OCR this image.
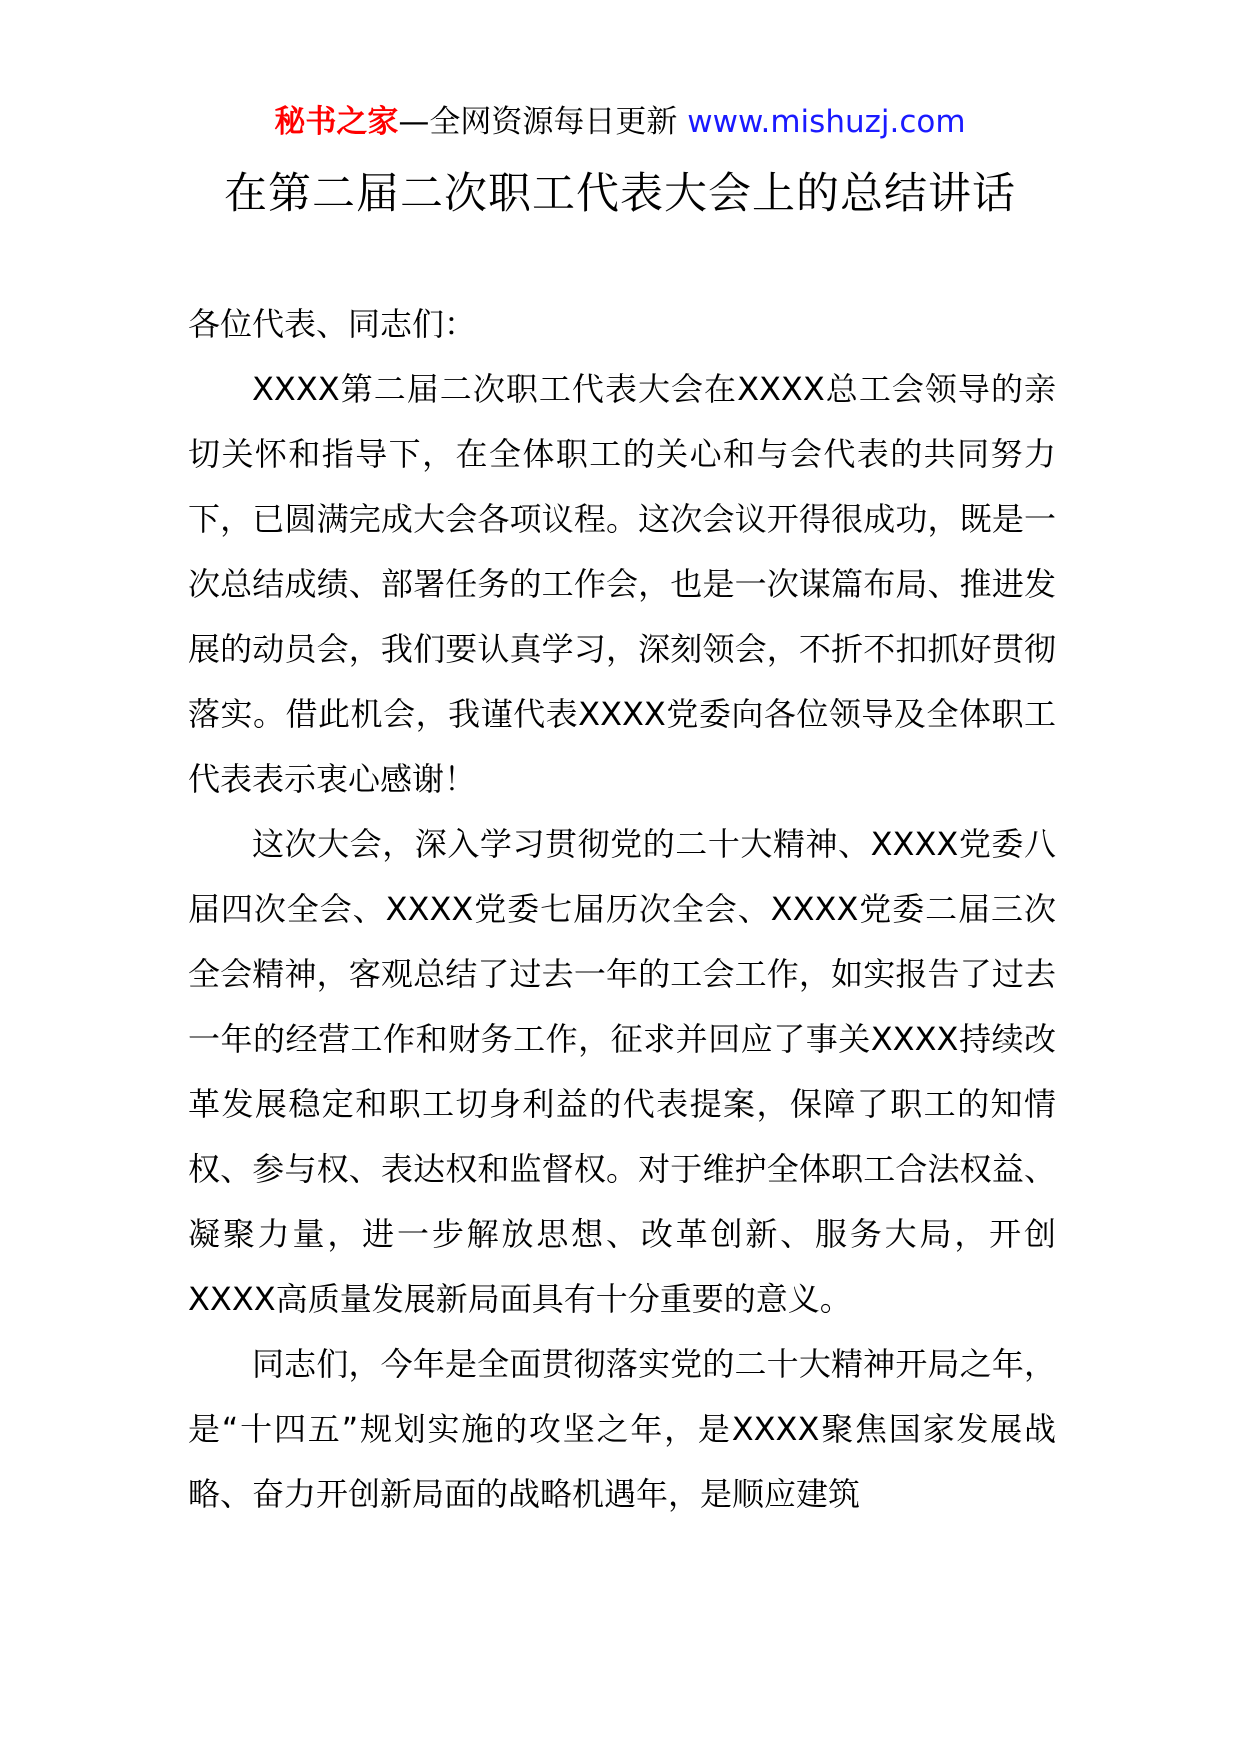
秘书之家—全网资源每日更新 www.mishuzj.com
在第二届二次职工代表大会上的总结讲话

各位代表、同志们：

XXXX第二届二次职工代表大会在XXXX总工会领导的亲切关怀和指导下，在全体职工的关心和与会代表的共同努力下，已圆满完成大会各项议程。这次会议开得很成功，既是一次总结成绩、部署任务的工作会，也是一次谋篇布局、推进发展的动员会，我们要认真学习，深刻领会，不折不扣抓好贯彻落实。借此机会，我谨代表XXXX党委向各位领导及全体职工代表表示衷心感谢！

这次大会，深入学习贯彻党的二十大精神、XXXX党委八届四次全会、XXXX党委七届历次全会、XXXX党委二届三次全会精神，客观总结了过去一年的工会工作，如实报告了过去一年的经营工作和财务工作，征求并回应了事关XXXX持续改革发展稳定和职工切身利益的代表提案，保障了职工的知情权、参与权、表达权和监督权。对于维护全体职工合法权益、凝聚力量，进一步解放思想、改革创新、服务大局，开创XXXX高质量发展新局面具有十分重要的意义。

同志们，今年是全面贯彻落实党的二十大精神开局之年，是“十四五”规划实施的攻坚之年，是XXXX聚焦国家发展战略、奋力开创新局面的战略机遇年，是顺应建筑
